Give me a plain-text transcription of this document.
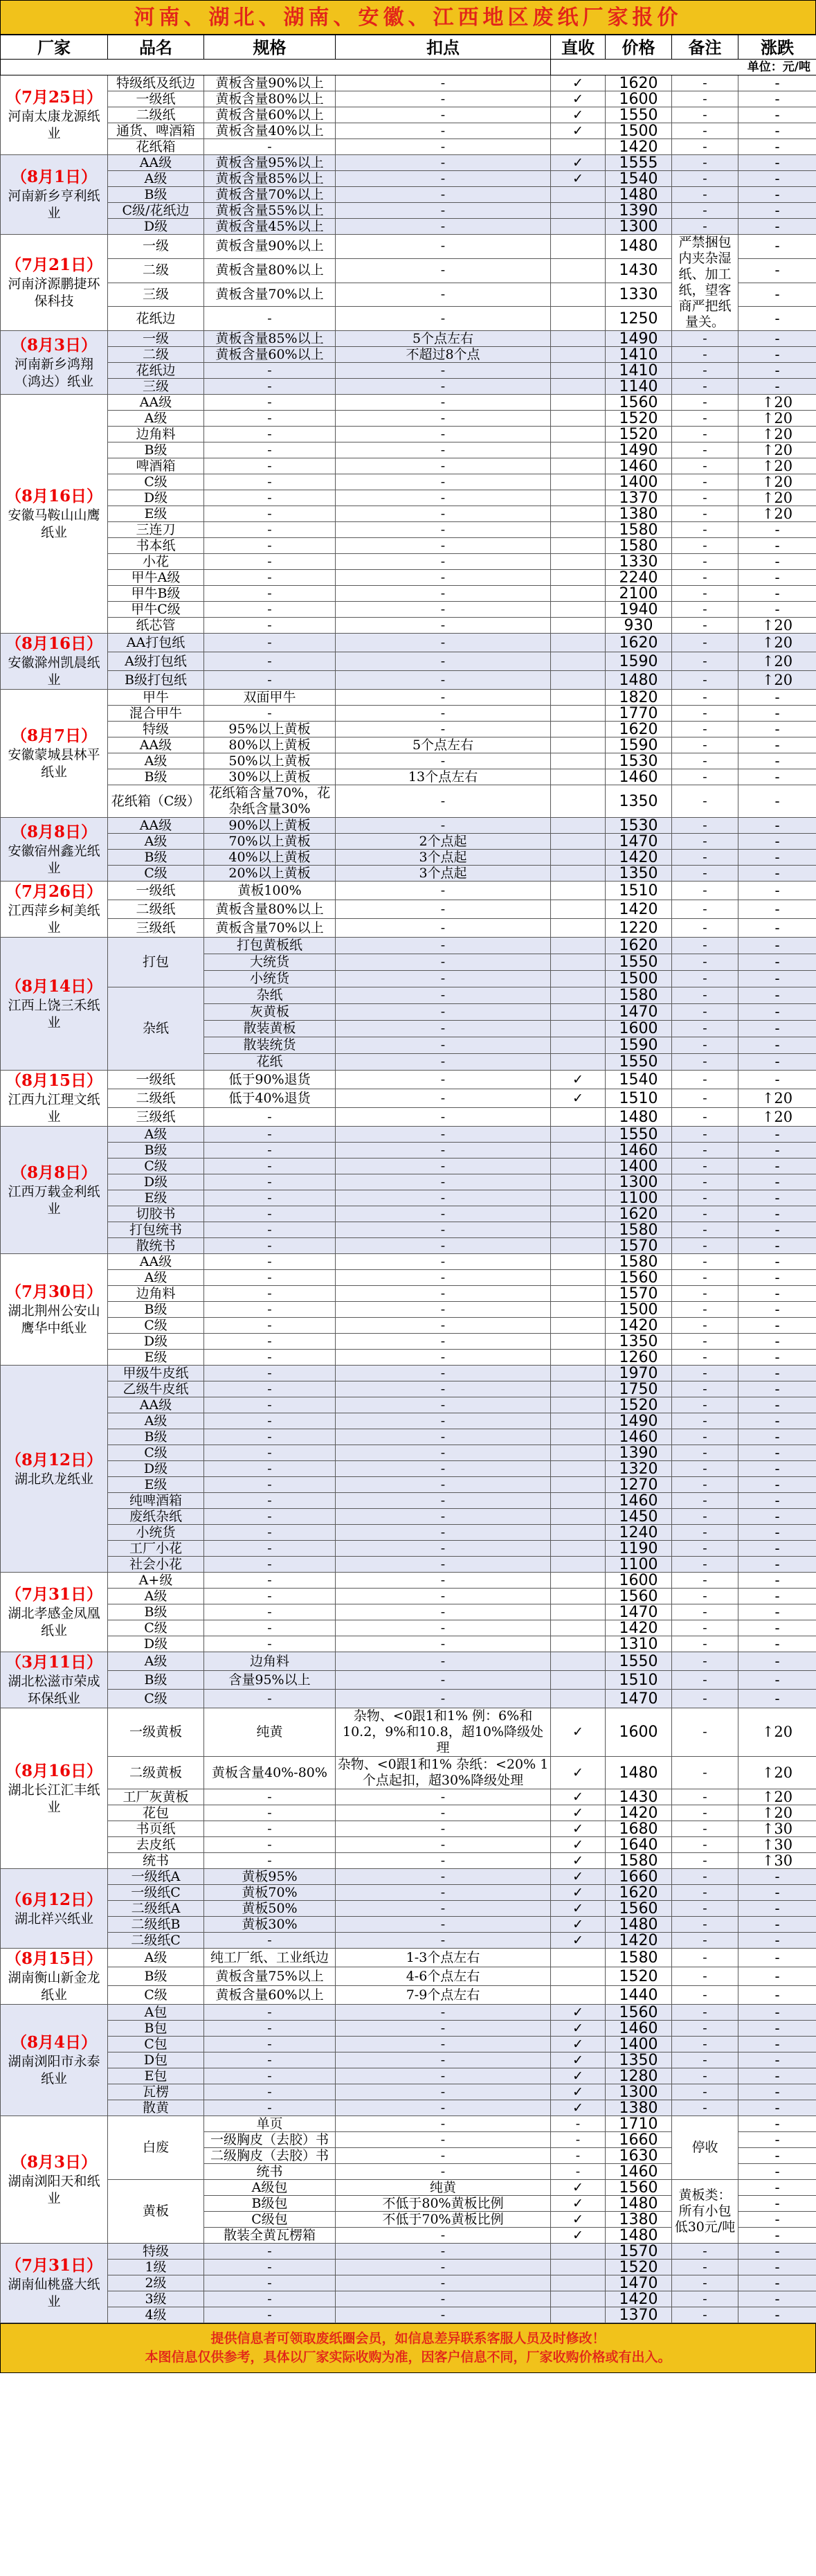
河南、湖北、湖南、安徽、江西地区废纸厂家报价
厂家	品名	规格	扣点	直收	价格	备注	涨跌
				单位：元/吨			

（7月25日）
河南太康龙源纸业	特级纸及纸边	黄板含量90%以上	-	✓	1620	-	-
	一级纸	黄板含量80%以上	-	✓	1600	-	-
	二级纸	黄板含量60%以上	-	✓	1550	-	-
	通货、啤酒箱	黄板含量40%以上	-	✓	1500	-	-
	花纸箱	-	-		1420	-	-

（8月1日）
河南新乡亨利纸业	AA级	黄板含量95%以上	-	✓	1555	-	-
	A级	黄板含量85%以上	-	✓	1540	-	-
	B级	黄板含量70%以上	-		1480	-	-
	C级/花纸边	黄板含量55%以上	-		1390	-	-
	D级	黄板含量45%以上	-		1300	-	-

（7月21日）
河南济源鹏捷环保科技	一级	黄板含量90%以上	-		1480	严禁捆包内夹杂湿纸、加工纸，望客商严把纸量关。	-
	二级	黄板含量80%以上	-		1430		-
	三级	黄板含量70%以上	-		1330		-
	花纸边	-	-		1250		-

（8月3日）
河南新乡鸿翔（鸿达）纸业	一级	黄板含量85%以上	5个点左右		1490	-	-
	二级	黄板含量60%以上	不超过8个点		1410	-	-
	花纸边	-	-		1410	-	-
	三级	-	-		1140	-	-

（8月16日）
安徽马鞍山山鹰纸业	AA级	-	-		1560	-	↑20
	A级	-	-		1520	-	↑20
	边角料	-	-		1520	-	↑20
	B级	-	-		1490	-	↑20
	啤酒箱	-	-		1460	-	↑20
	C级	-	-		1400	-	↑20
	D级	-	-		1370	-	↑20
	E级	-	-		1380	-	↑20
	三连刀	-	-		1580	-	-
	书本纸	-	-		1580	-	-
	小花	-	-		1330	-	-
	甲牛A级	-	-		2240	-	-
	甲牛B级	-	-		2100	-	-
	甲牛C级	-	-		1940	-	-
	纸芯管	-	-		930	-	↑20

（8月16日）
安徽滁州凯晨纸业	AA打包纸	-	-		1620	-	↑20
	A级打包纸	-	-		1590	-	↑20
	B级打包纸	-	-		1480	-	↑20

（8月7日）
安徽蒙城县林平纸业	甲牛	双面甲牛	-		1820	-	-
	混合甲牛	-	-		1770	-	-
	特级	95%以上黄板	-		1620	-	-
	AA级	80%以上黄板	5个点左右		1590	-	-
	A级	50%以上黄板	-		1530	-	-
	B级	30%以上黄板	13个点左右		1460	-	-
	花纸箱（C级）	花纸箱含量70%，花杂纸含量30%	-		1350	-	-

（8月8日）
安徽宿州鑫光纸业	AA级	90%以上黄板	-		1530	-	-
	A级	70%以上黄板	2个点起		1470	-	-
	B级	40%以上黄板	3个点起		1420	-	-
	C级	20%以上黄板	3个点起		1350	-	-

（7月26日）
江西萍乡柯美纸业	一级纸	黄板100%	-		1510	-	-
	二级纸	黄板含量80%以上	-		1420	-	-
	三级纸	黄板含量70%以上	-		1220	-	-

（8月14日）
江西上饶三禾纸业	打包	打包黄板纸	-		1620	-	-
		大统货	-		1550	-	-
		小统货	-		1500	-	-
	杂纸	杂纸	-		1580	-	-
		灰黄板	-		1470	-	-
		散装黄板	-		1600	-	-
		散装统货	-		1590	-	-
		花纸	-		1550	-	-

（8月15日）
江西九江理文纸业	一级纸	低于90%退货	-	✓	1540	-	-
	二级纸	低于40%退货	-	✓	1510	-	↑20
	三级纸	-	-		1480	-	↑20

（8月8日）
江西万载金利纸业	A级	-	-		1550	-	-
	B级	-	-		1460	-	-
	C级	-	-		1400	-	-
	D级	-	-		1300	-	-
	E级	-	-		1100	-	-
	切胶书	-	-		1620	-	-
	打包统书	-	-		1580	-	-
	散统书	-	-		1570	-	-

（7月30日）
湖北荆州公安山鹰华中纸业	AA级	-	-		1580	-	-
	A级	-	-		1560	-	-
	边角料	-	-		1570	-	-
	B级	-	-		1500	-	-
	C级	-	-		1420	-	-
	D级	-	-		1350	-	-
	E级	-	-		1260	-	-

（8月12日）
湖北玖龙纸业	甲级牛皮纸	-	-		1970	-	-
	乙级牛皮纸	-	-		1750	-	-
	AA级	-	-		1520	-	-
	A级	-	-		1490	-	-
	B级	-	-		1460	-	-
	C级	-	-		1390	-	-
	D级	-	-		1320	-	-
	E级	-	-		1270	-	-
	纯啤酒箱	-	-		1460	-	-
	废纸杂纸	-	-		1450	-	-
	小统货	-	-		1240	-	-
	工厂小花	-	-		1190	-	-
	社会小花	-	-		1100	-	-

（7月31日）
湖北孝感金凤凰纸业	A+级	-	-		1600	-	-
	A级	-	-		1560	-	-
	B级	-	-		1470	-	-
	C级	-	-		1420	-	-
	D级	-	-		1310	-	-

（3月11日）
湖北松滋市荣成环保纸业	A级	边角料	-		1550	-	-
	B级	含量95%以上	-		1510	-	-
	C级	-	-		1470	-	-

（8月16日）
湖北长江汇丰纸业	一级黄板	纯黄	杂物、<0跟1和1% 例：6%和10.2，9%和10.8，超10%降级处理	✓	1600	-	↑20
	二级黄板	黄板含量40%-80%	杂物、<0跟1和1% 杂纸：<20% 1个点起扣，超30%降级处理	✓	1480	-	↑20
	工厂灰黄板	-	-	✓	1430	-	↑20
	花包	-	-	✓	1420	-	↑20
	书页纸	-	-	✓	1680	-	↑30
	去皮纸	-	-	✓	1640	-	↑30
	统书	-	-	✓	1580	-	↑30

（6月12日）
湖北祥兴纸业	一级纸A	黄板95%	-	✓	1660	-	-
	一级纸C	黄板70%	-	✓	1620	-	-
	二级纸A	黄板50%	-	✓	1560	-	-
	二级纸B	黄板30%	-	✓	1480	-	-
	二级纸C	-	-	✓	1420	-	-

（8月15日）
湖南衡山新金龙纸业	A级	纯工厂纸、工业纸边	1-3个点左右		1580	-	-
	B级	黄板含量75%以上	4-6个点左右		1520	-	-
	C级	黄板含量60%以上	7-9个点左右		1440	-	-

（8月4日）
湖南浏阳市永泰纸业	A包	-	-	✓	1560	-	-
	B包	-	-	✓	1460	-	-
	C包	-	-	✓	1400	-	-
	D包	-	-	✓	1350	-	-
	E包	-	-	✓	1280	-	-
	瓦楞	-	-	✓	1300	-	-
	散黄	-	-	✓	1380	-	-

（8月3日）
湖南浏阳天和纸业	白废	单页	-	-	1710	停收	-
		一级胸皮（去胶）书	-	-	1660		-
		二级胸皮（去胶）书	-	-	1630		-
		统书	-	-	1460		-
	黄板	A级包	纯黄	✓	1560	黄板类：所有小包低30元/吨	-
		B级包	不低于80%黄板比例	✓	1480		-
		C级包	不低于70%黄板比例	✓	1380		-
		散装全黄瓦楞箱	-	✓	1480		-

（7月31日）
湖南仙桃盛大纸业	特级	-	-		1570	-	-
	1级	-	-		1520	-	-
	2级	-	-		1470	-	-
	3级	-	-		1420	-	-
	4级	-	-		1370	-	-
提供信息者可领取废纸圈会员，如信息差异联系客服人员及时修改！
本图信息仅供参考，具体以厂家实际收购为准，因客户信息不同，厂家收购价格或有出入。
